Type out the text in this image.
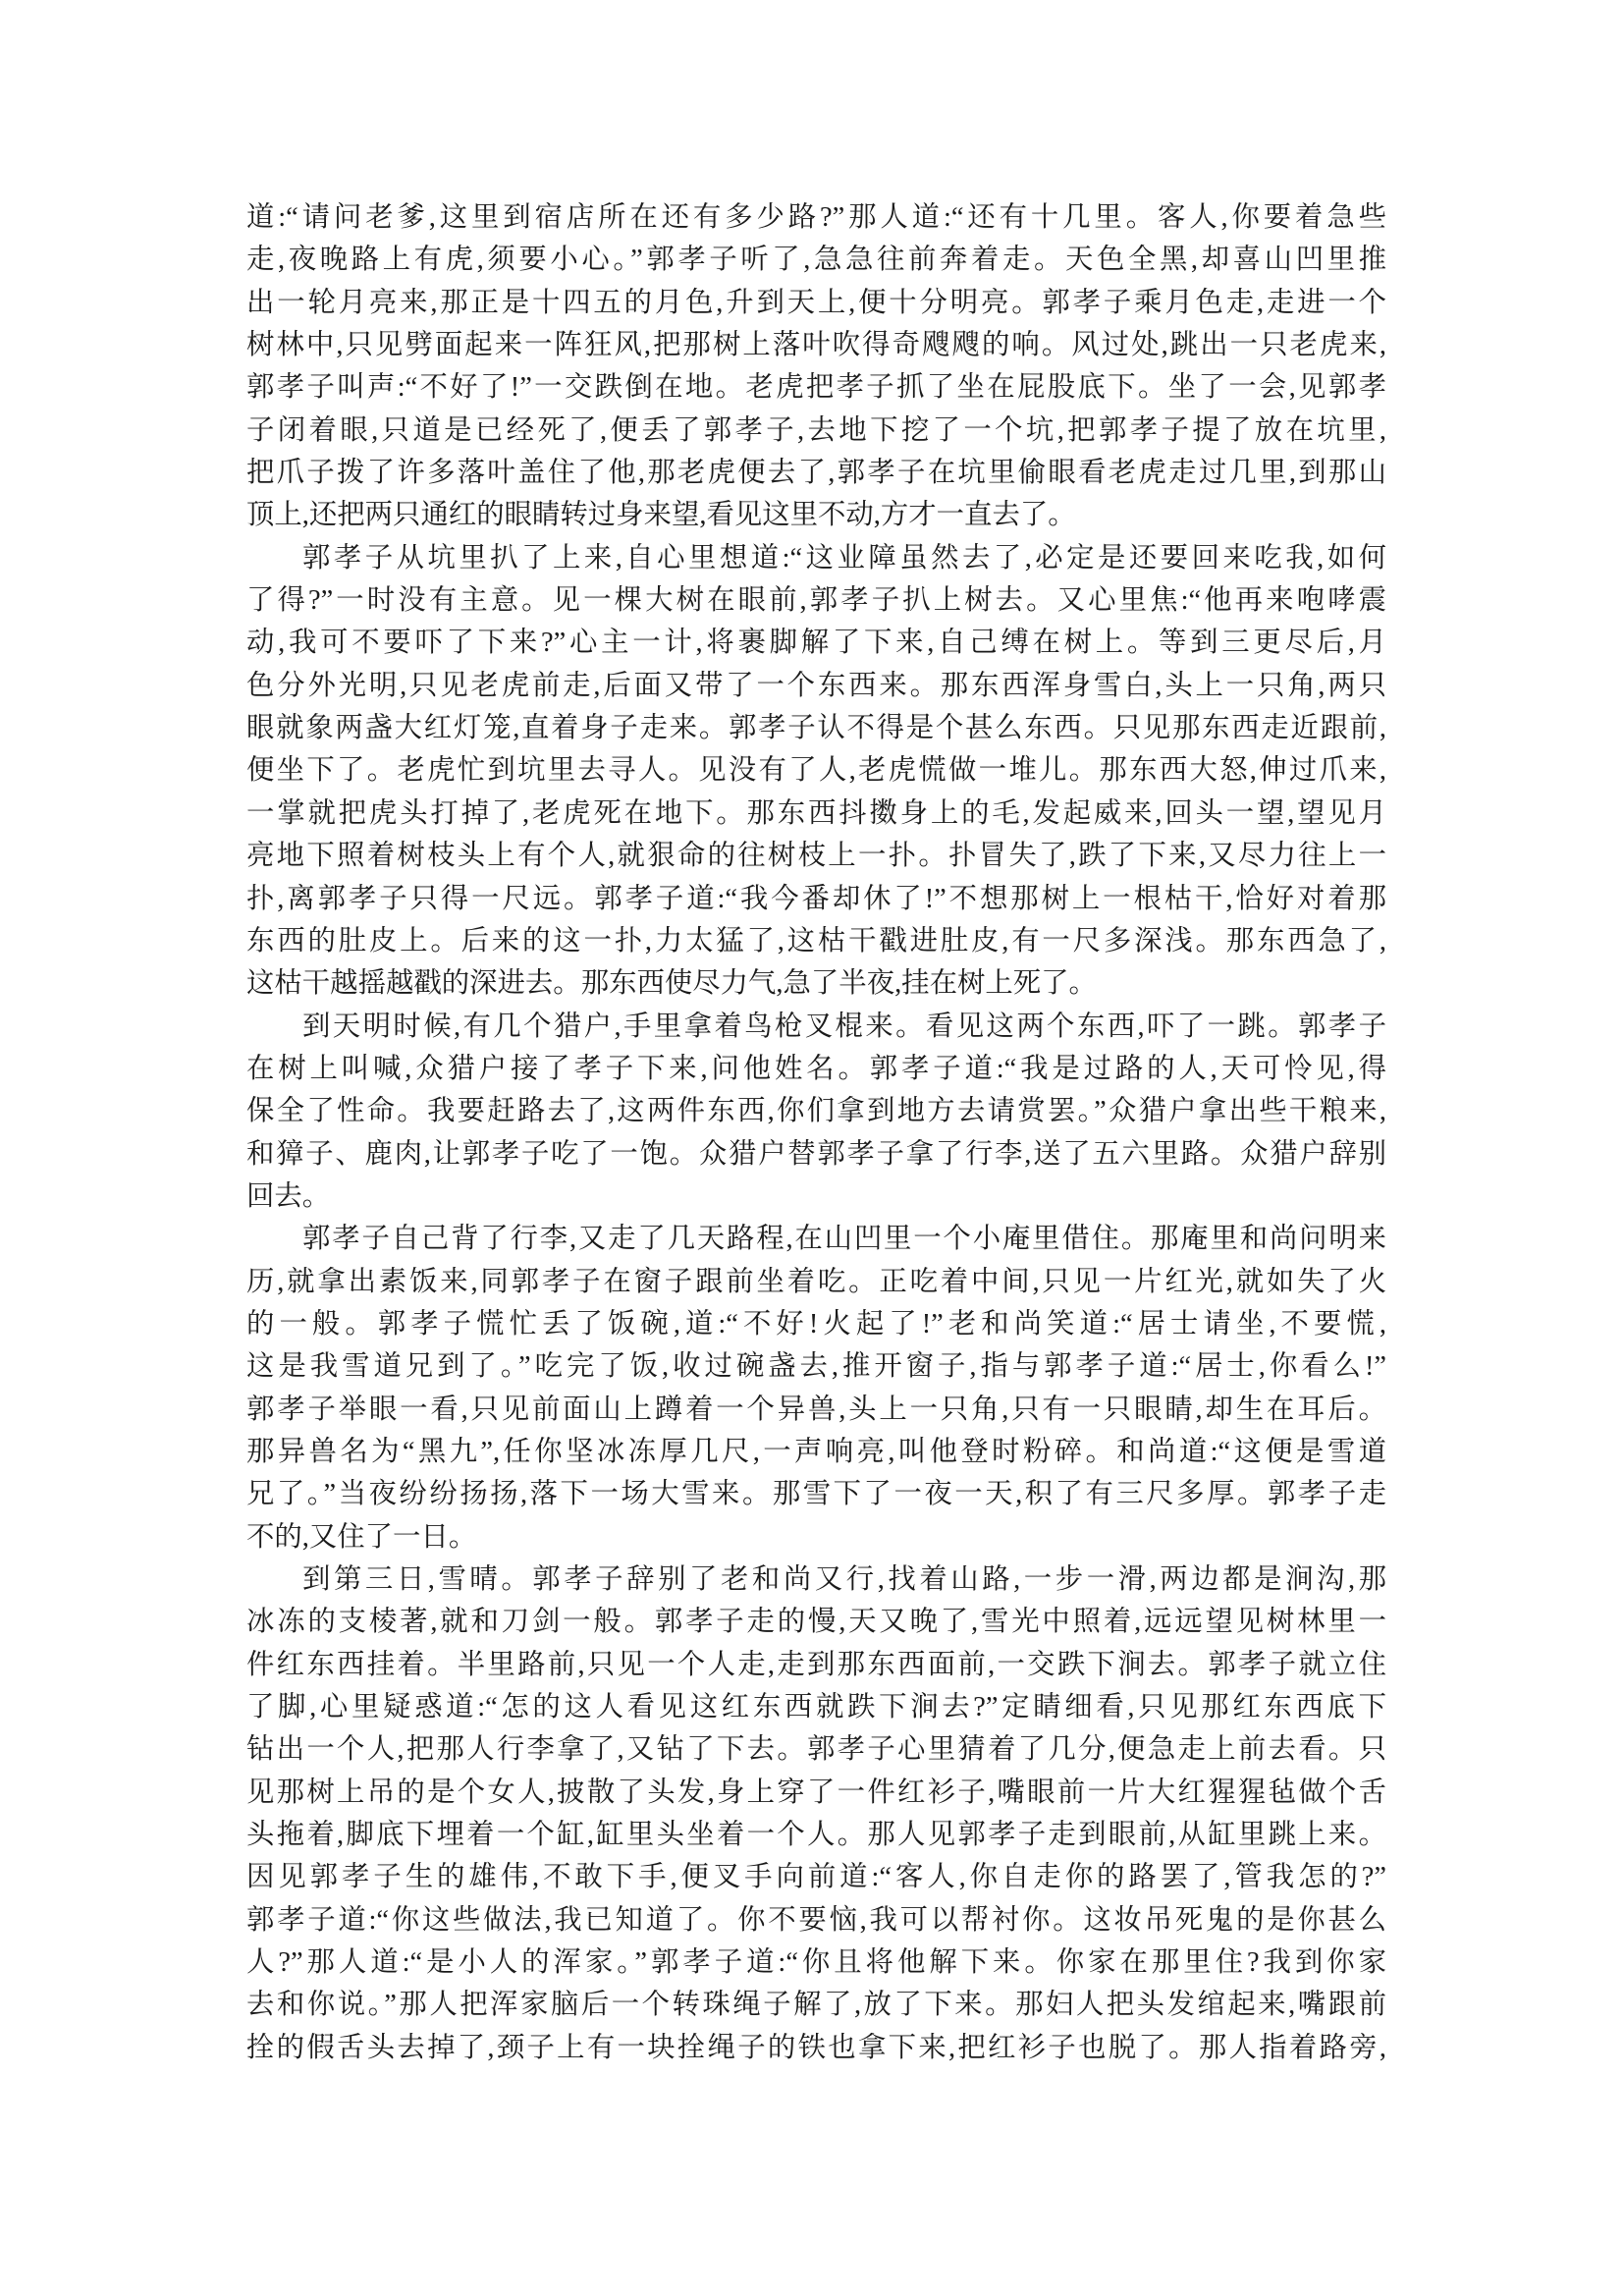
道:“请问老爹,这里到宿店所在还有多少路?”那人道:“还有十几里。客人,你要着急些
走,夜晚路上有虎,须要小心。”郭孝子听了,急急往前奔着走。天色全黑,却喜山凹里推
出一轮月亮来,那正是十四五的月色,升到天上,便十分明亮。郭孝子乘月色走,走进一个
树林中,只见劈面起来一阵狂风,把那树上落叶吹得奇飕飕的响。风过处,跳出一只老虎来,
郭孝子叫声:“不好了!”一交跌倒在地。老虎把孝子抓了坐在屁股底下。坐了一会,见郭孝
子闭着眼,只道是已经死了,便丢了郭孝子,去地下挖了一个坑,把郭孝子提了放在坑里,
把爪子拨了许多落叶盖住了他,那老虎便去了,郭孝子在坑里偷眼看老虎走过几里,到那山
顶上,还把两只通红的眼睛转过身来望,看见这里不动,方才一直去了。
郭孝子从坑里扒了上来,自心里想道:“这业障虽然去了,必定是还要回来吃我,如何
了得?”一时没有主意。见一棵大树在眼前,郭孝子扒上树去。又心里焦:“他再来咆哮震
动,我可不要吓了下来?”心主一计,将裹脚解了下来,自己缚在树上。等到三更尽后,月
色分外光明,只见老虎前走,后面又带了一个东西来。那东西浑身雪白,头上一只角,两只
眼就象两盏大红灯笼,直着身子走来。郭孝子认不得是个甚么东西。只见那东西走近跟前,
便坐下了。老虎忙到坑里去寻人。见没有了人,老虎慌做一堆儿。那东西大怒,伸过爪来,
一掌就把虎头打掉了,老虎死在地下。那东西抖擞身上的毛,发起威来,回头一望,望见月
亮地下照着树枝头上有个人,就狠命的往树枝上一扑。扑冒失了,跌了下来,又尽力往上一
扑,离郭孝子只得一尺远。郭孝子道:“我今番却休了!”不想那树上一根枯干,恰好对着那
东西的肚皮上。后来的这一扑,力太猛了,这枯干戳进肚皮,有一尺多深浅。那东西急了,
这枯干越摇越戳的深进去。那东西使尽力气,急了半夜,挂在树上死了。
到天明时候,有几个猎户,手里拿着鸟枪叉棍来。看见这两个东西,吓了一跳。郭孝子
在树上叫喊,众猎户接了孝子下来,问他姓名。郭孝子道:“我是过路的人,天可怜见,得
保全了性命。我要赶路去了,这两件东西,你们拿到地方去请赏罢。”众猎户拿出些干粮来,
和獐子、鹿肉,让郭孝子吃了一饱。众猎户替郭孝子拿了行李,送了五六里路。众猎户辞别
回去。
郭孝子自己背了行李,又走了几天路程,在山凹里一个小庵里借住。那庵里和尚问明来
历,就拿出素饭来,同郭孝子在窗子跟前坐着吃。正吃着中间,只见一片红光,就如失了火
的一般。郭孝子慌忙丢了饭碗,道:“不好!火起了!”老和尚笑道:“居士请坐,不要慌,
这是我雪道兄到了。”吃完了饭,收过碗盏去,推开窗子,指与郭孝子道:“居士,你看么!”
郭孝子举眼一看,只见前面山上蹲着一个异兽,头上一只角,只有一只眼睛,却生在耳后。
那异兽名为“黑九”,任你坚冰冻厚几尺,一声响亮,叫他登时粉碎。和尚道:“这便是雪道
兄了。”当夜纷纷扬扬,落下一场大雪来。那雪下了一夜一天,积了有三尺多厚。郭孝子走
不的,又住了一日。
到第三日,雪晴。郭孝子辞别了老和尚又行,找着山路,一步一滑,两边都是涧沟,那
冰冻的支棱著,就和刀剑一般。郭孝子走的慢,天又晚了,雪光中照着,远远望见树林里一
件红东西挂着。半里路前,只见一个人走,走到那东西面前,一交跌下涧去。郭孝子就立住
了脚,心里疑惑道:“怎的这人看见这红东西就跌下涧去?”定睛细看,只见那红东西底下
钻出一个人,把那人行李拿了,又钻了下去。郭孝子心里猜着了几分,便急走上前去看。只
见那树上吊的是个女人,披散了头发,身上穿了一件红衫子,嘴眼前一片大红猩猩毡做个舌
头拖着,脚底下埋着一个缸,缸里头坐着一个人。那人见郭孝子走到眼前,从缸里跳上来。
因见郭孝子生的雄伟,不敢下手,便叉手向前道:“客人,你自走你的路罢了,管我怎的?”
郭孝子道:“你这些做法,我已知道了。你不要恼,我可以帮衬你。这妆吊死鬼的是你甚么
人?”那人道:“是小人的浑家。”郭孝子道:“你且将他解下来。你家在那里住?我到你家
去和你说。”那人把浑家脑后一个转珠绳子解了,放了下来。那妇人把头发绾起来,嘴跟前
拴的假舌头去掉了,颈子上有一块拴绳子的铁也拿下来,把红衫子也脱了。那人指着路旁,
